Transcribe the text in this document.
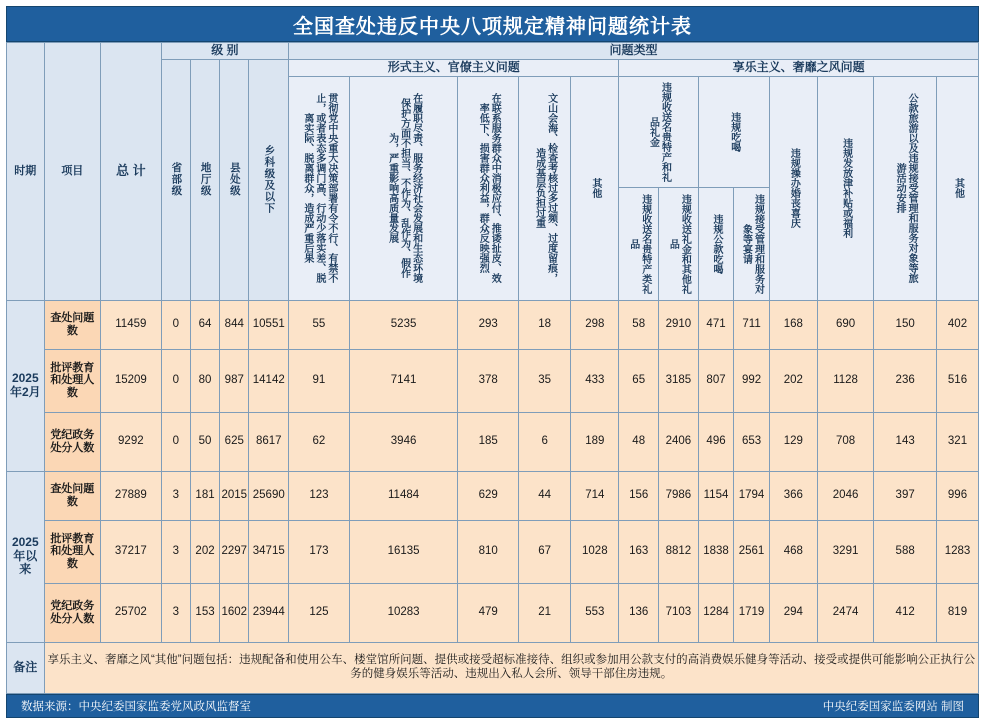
全国查处违反中央八项规定精神问题统计表
时期	项目	总 计	级 别				问题类型												

			省部级	地厅级	县处级	乡科级及以下	形式主义、官僚主义问题					享乐主义、奢靡之风问题							

							贯彻党中央重大决策部署有令不行、有禁不止，或者表态多调门高、行动少落实差、脱离实际、脱离群众，造成严重后果	在履职尽责、服务经济社会发展和生态环境保护方面不担当、不作为、乱作为、假作为，严重影响高质量发展	在联系服务群众中消极应付、推诿扯皮、效率低下、损害群众利益，群众反映强烈	文山会海、检查考核过多过频、过度留痕，造成基层负担过重	其他	违规收送名贵特产和礼品礼金		违规吃喝		违规操办婚丧喜庆	违规发放津补贴或福利	公款旅游以及违规接受管理和服务对象等旅游活动安排	其他

												违规收送名贵特产类礼品	违规收送礼金和其他礼品	违规公款吃喝	违规接受管理和服务对象等宴请				

2025年2月	查处问题数	11459	0	64	844	10551	55	5235	293	18	298	58	2910	471	711	168	690	150	402
	批评教育和处理人数	15209	0	80	987	14142	91	7141	378	35	433	65	3185	807	992	202	1128	236	516
	党纪政务处分人数	9292	0	50	625	8617	62	3946	185	6	189	48	2406	496	653	129	708	143	321
2025年以来	查处问题数	27889	3	181	2015	25690	123	11484	629	44	714	156	7986	1154	1794	366	2046	397	996
	批评教育和处理人数	37217	3	202	2297	34715	173	16135	810	67	1028	163	8812	1838	2561	468	3291	588	1283
	党纪政务处分人数	25702	3	153	1602	23944	125	10283	479	21	553	136	7103	1284	1719	294	2474	412	819
备注	享乐主义、奢靡之风“其他”问题包括：违规配备和使用公车、楼堂馆所问题、提供或接受超标准接待、组织或参加用公款支付的高消费娱乐健身等活动、接受或提供可能影响公正执行公务的健身娱乐等活动、违规出入私人会所、领导干部住房违规。																		
数据来源：中央纪委国家监委党风政风监督室	中央纪委国家监委网站 制图
